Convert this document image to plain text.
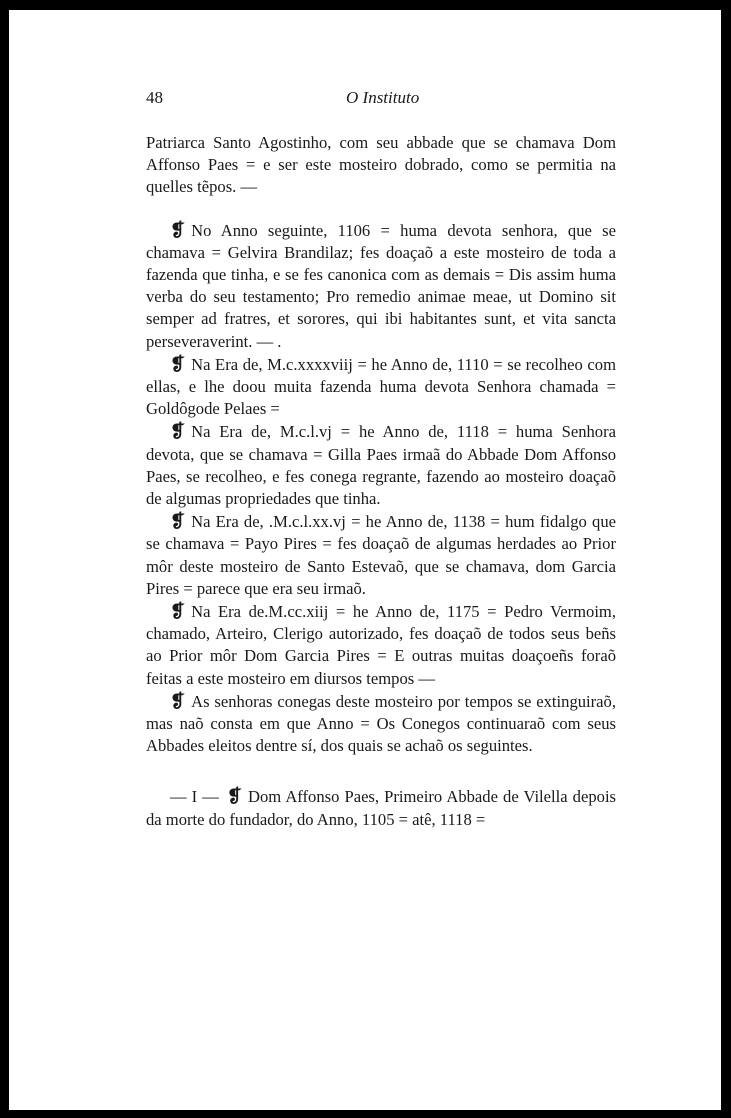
48	O Instituto

Patriarca Santo Agostinho, com seu abbade que se chamava Dom Affonso Paes = e ser este mosteiro dobrado, como se permitia na quelles tẽpos. —

❡ No Anno seguinte, 1106 = huma devota senhora, que se chamava = Gelvira Brandilaz; fes doaçaõ a este mosteiro de toda a fazenda que tinha, e se fes canonica com as demais = Dis assim huma verba do seu testamento; Pro remedio animae meae, ut Domino sit semper ad fratres, et sorores, qui ibi habitantes sunt, et vita sancta perseveraverint. — .

❡ Na Era de, M.c.xxxxviij = he Anno de, 1110 = se recolheo com ellas, e lhe doou muita fazenda huma devota Senhora chamada = Goldôgode Pelaes =

❡ Na Era de, M.c.l.vj = he Anno de, 1118 = huma Senhora devota, que se chamava = Gilla Paes irmaã do Abbade Dom Affonso Paes, se recolheo, e fes conega regrante, fazendo ao mosteiro doaçaõ de algumas propriedades que tinha.

❡ Na Era de, .M.c.l.xx.vj = he Anno de, 1138 = hum fidalgo que se chamava = Payo Pires = fes doaçaõ de algumas herdades ao Prior môr deste mosteiro de Santo Estevaõ, que se chamava, dom Garcia Pires = parece que era seu irmaõ.

❡ Na Era de.M.cc.xiij = he Anno de, 1175 = Pedro Vermoim, chamado, Arteiro, Clerigo autorizado, fes doaçaõ de todos seus beñs ao Prior môr Dom Garcia Pires = E outras muitas doaçoeñs foraõ feitas a este mosteiro em diursos tempos —

❡ As senhoras conegas deste mosteiro por tempos se extinguiraõ, mas naõ consta em que Anno = Os Conegos continuaraõ com seus Abbades eleitos dentre sí, dos quais se achaõ os seguintes.

— I — ❡ Dom Affonso Paes, Primeiro Abbade de Vilella depois da morte do fundador, do Anno, 1105 = atê, 1118 =
